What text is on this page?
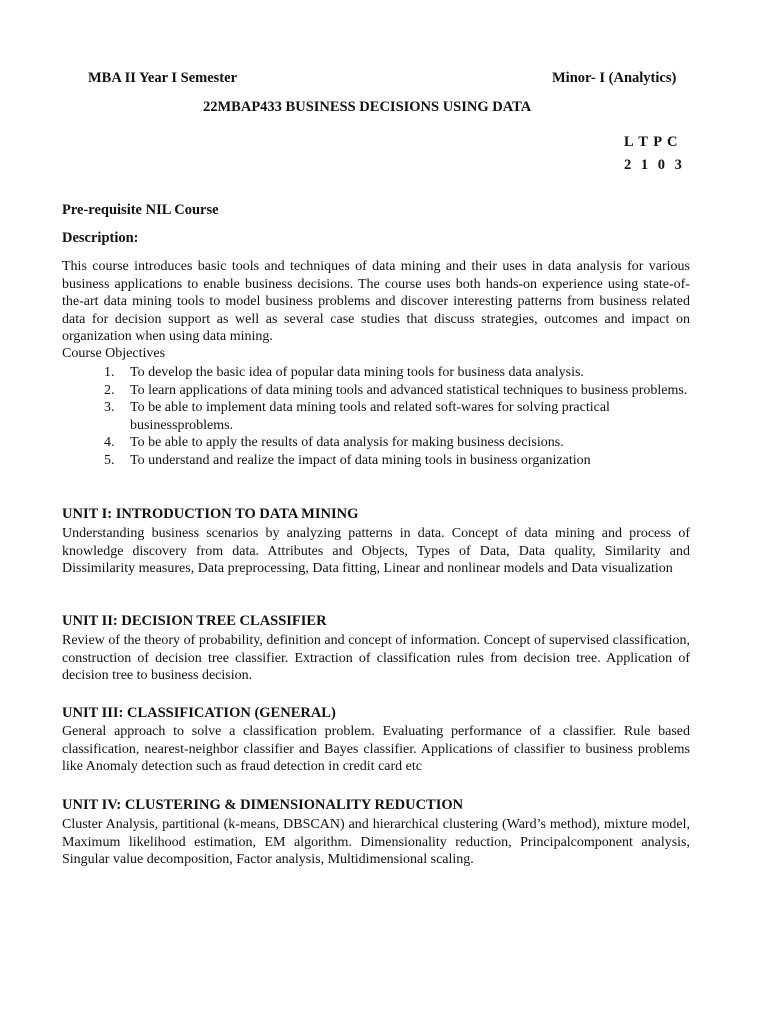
MBA II Year I Semester	Minor- I (Analytics)
22MBAP433 BUSINESS DECISIONS USING DATA
L T P C
2 1 0 3
Pre-requisite NIL Course
Description:
This course introduces basic tools and techniques of data mining and their uses in data analysis for various business applications to enable business decisions. The course uses both hands-on experience using state-of-the-art data mining tools to model business problems and discover interesting patterns from business related data for decision support as well as several case studies that discuss strategies, outcomes and impact on organization when using data mining.
Course Objectives
1. To develop the basic idea of popular data mining tools for business data analysis.
2. To learn applications of data mining tools and advanced statistical techniques to business problems.
3. To be able to implement data mining tools and related soft-wares for solving practical businessproblems.
4. To be able to apply the results of data analysis for making business decisions.
5. To understand and realize the impact of data mining tools in business organization
UNIT I: INTRODUCTION TO DATA MINING
Understanding business scenarios by analyzing patterns in data. Concept of data mining and process of knowledge discovery from data. Attributes and Objects, Types of Data, Data quality, Similarity and Dissimilarity measures, Data preprocessing, Data fitting, Linear and nonlinear models and Data visualization
UNIT II: DECISION TREE CLASSIFIER
Review of the theory of probability, definition and concept of information. Concept of supervised classification, construction of decision tree classifier. Extraction of classification rules from decision tree. Application of decision tree to business decision.
UNIT III: CLASSIFICATION (GENERAL)
General approach to solve a classification problem. Evaluating performance of a classifier. Rule based classification, nearest-neighbor classifier and Bayes classifier. Applications of classifier to business problems like Anomaly detection such as fraud detection in credit card etc
UNIT IV: CLUSTERING & DIMENSIONALITY REDUCTION
Cluster Analysis, partitional (k-means, DBSCAN) and hierarchical clustering (Ward’s method), mixture model, Maximum likelihood estimation, EM algorithm. Dimensionality reduction, Principalcomponent analysis, Singular value decomposition, Factor analysis, Multidimensional scaling.
